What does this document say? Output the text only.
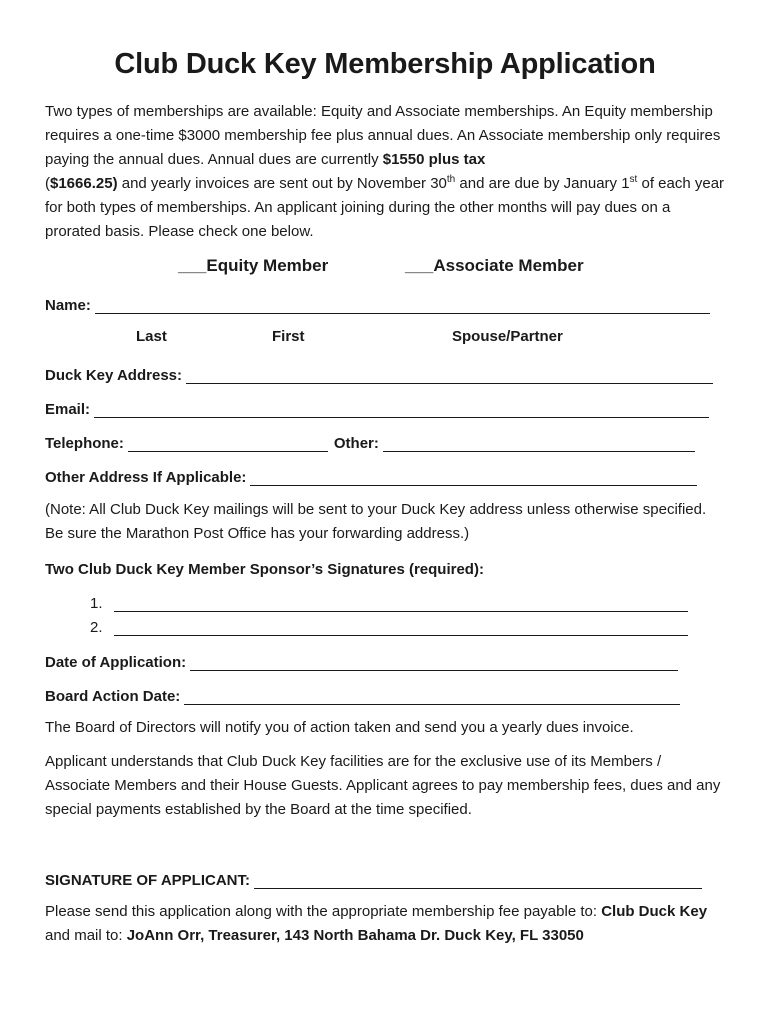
Club Duck Key Membership Application
Two types of memberships are available: Equity and Associate memberships. An Equity membership requires a one-time $3000 membership fee plus annual dues. An Associate membership only requires paying the annual dues. Annual dues are currently $1550 plus tax
($1666.25) and yearly invoices are sent out by November 30th and are due by January 1st of each year for both types of memberships. An applicant joining during the other months will pay dues on a prorated basis. Please check one below.
___Equity Member	___Associate Member
Name:
Last	First	Spouse/Partner
Duck Key Address:
Email:
Telephone:	Other:
Other Address If Applicable:
(Note: All Club Duck Key mailings will be sent to your Duck Key address unless otherwise specified. Be sure the Marathon Post Office has your forwarding address.)
Two Club Duck Key Member Sponsor’s Signatures (required):
1.
2.
Date of Application:
Board Action Date:
The Board of Directors will notify you of action taken and send you a yearly dues invoice.
Applicant understands that Club Duck Key facilities are for the exclusive use of its Members / Associate Members and their House Guests. Applicant agrees to pay membership fees, dues and any special payments established by the Board at the time specified.
SIGNATURE OF APPLICANT:
Please send this application along with the appropriate membership fee payable to: Club Duck Key and mail to: JoAnn Orr, Treasurer, 143 North Bahama Dr. Duck Key, FL 33050
